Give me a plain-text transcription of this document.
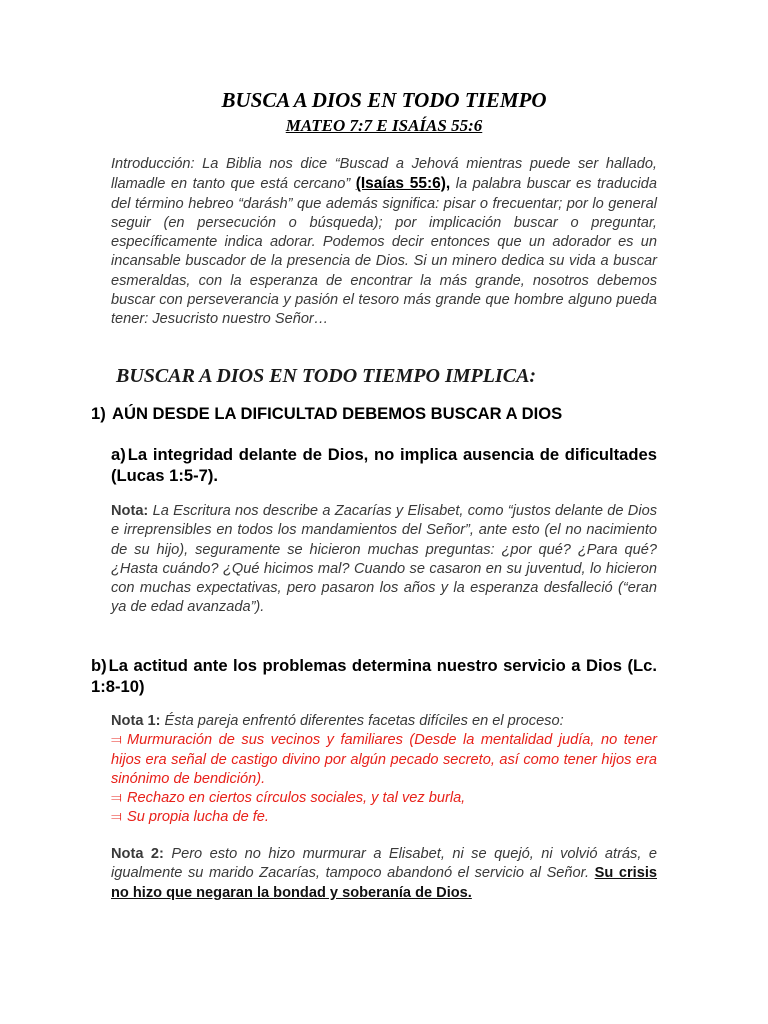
BUSCA A DIOS EN TODO TIEMPO
MATEO 7:7 E ISAÍAS 55:6

Introducción: La Biblia nos dice “Buscad a Jehová mientras puede ser hallado, llamadle en tanto que está cercano” (Isaías 55:6), la palabra buscar es traducida del término hebreo “darásh” que además significa: pisar o frecuentar; por lo general seguir (en persecución o búsqueda); por implicación buscar o preguntar, específicamente indica adorar. Podemos decir entonces que un adorador es un incansable buscador de la presencia de Dios. Si un minero dedica su vida a buscar esmeraldas, con la esperanza de encontrar la más grande, nosotros debemos buscar con perseverancia y pasión el tesoro más grande que hombre alguno pueda tener: Jesucristo nuestro Señor…

BUSCAR A DIOS EN TODO TIEMPO IMPLICA:
1) AÚN DESDE LA DIFICULTAD DEBEMOS BUSCAR A DIOS

a) La integridad delante de Dios, no implica ausencia de dificultades (Lucas 1:5-7).

Nota: La Escritura nos describe a Zacarías y Elisabet, como “justos delante de Dios e irreprensibles en todos los mandamientos del Señor”, ante esto (el no nacimiento de su hijo), seguramente se hicieron muchas preguntas: ¿por qué? ¿Para qué? ¿Hasta cuándo? ¿Qué hicimos mal? Cuando se casaron en su juventud, lo hicieron con muchas expectativas, pero pasaron los años y la esperanza desfalleció (“eran ya de edad avanzada”).

b) La actitud ante los problemas determina nuestro servicio a Dios (Lc. 1:8-10)

Nota 1: Ésta pareja enfrentó diferentes facetas difíciles en el proceso:
⫤ Murmuración de sus vecinos y familiares (Desde la mentalidad judía, no tener hijos era señal de castigo divino por algún pecado secreto, así como tener hijos era sinónimo de bendición).
⫤ Rechazo en ciertos círculos sociales, y tal vez burla,
⫤ Su propia lucha de fe.

Nota 2: Pero esto no hizo murmurar a Elisabet, ni se quejó, ni volvió atrás, e igualmente su marido Zacarías, tampoco abandonó el servicio al Señor. Su crisis no hizo que negaran la bondad y soberanía de Dios.
